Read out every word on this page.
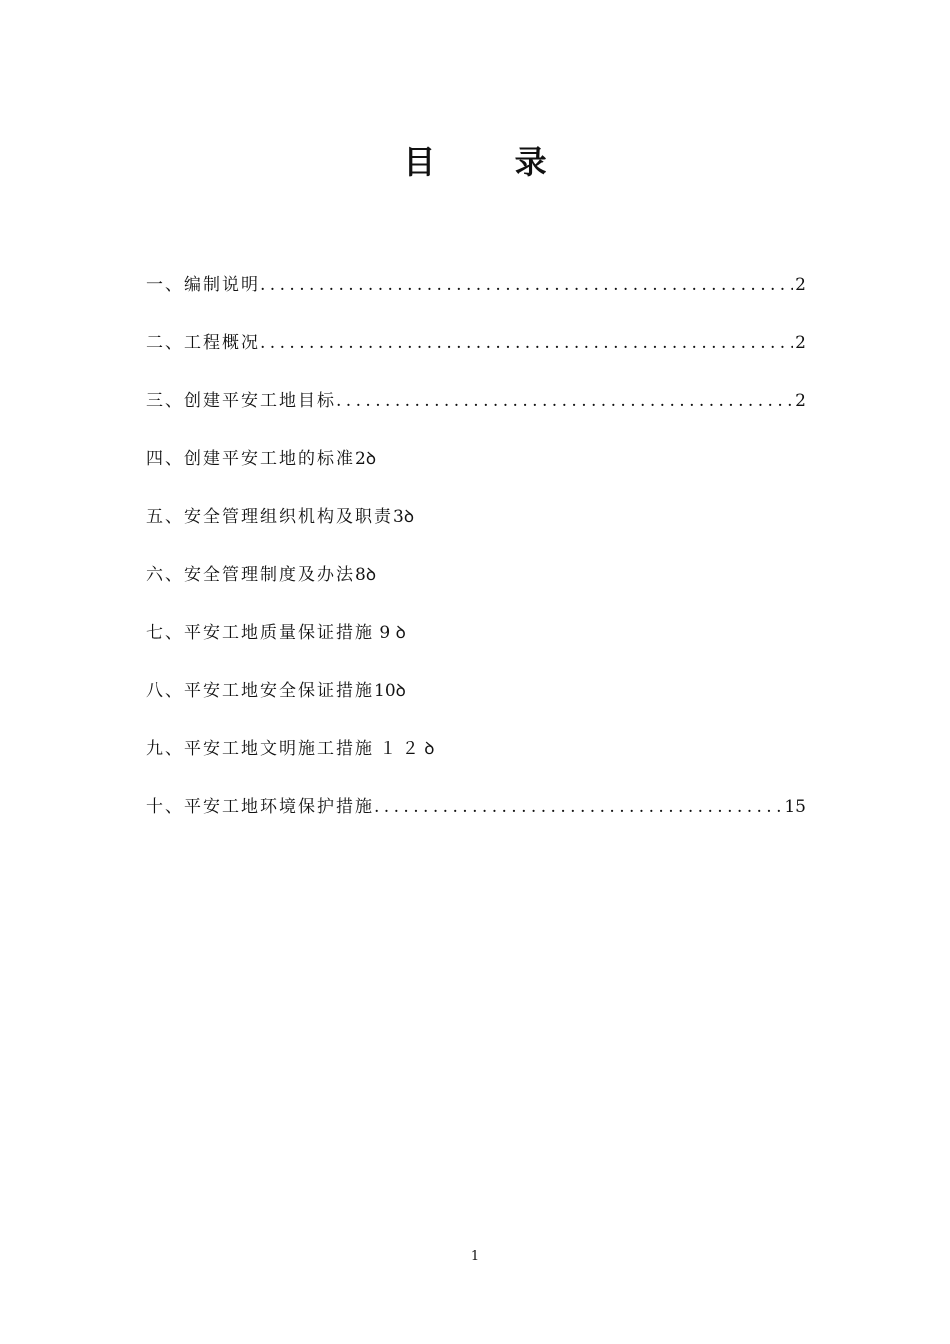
目 录
一、编制说明 . . .	2
二、工程概况 . . .	2
三、创建平安工地目标 . . .	2
四、创建平安工地的标准 2 ꝺ
五、安全管理组织机构及职责 3 ꝺ
六、安全管理制度及办法 8 ꝺ
七、平安工地质量保证措施 9 ꝺ
八、平安工地安全保证措施 10 ꝺ
九、平安工地文明施工措施 １ ２ ꝺ
十、平安工地环境保护措施 . . .	15
1
